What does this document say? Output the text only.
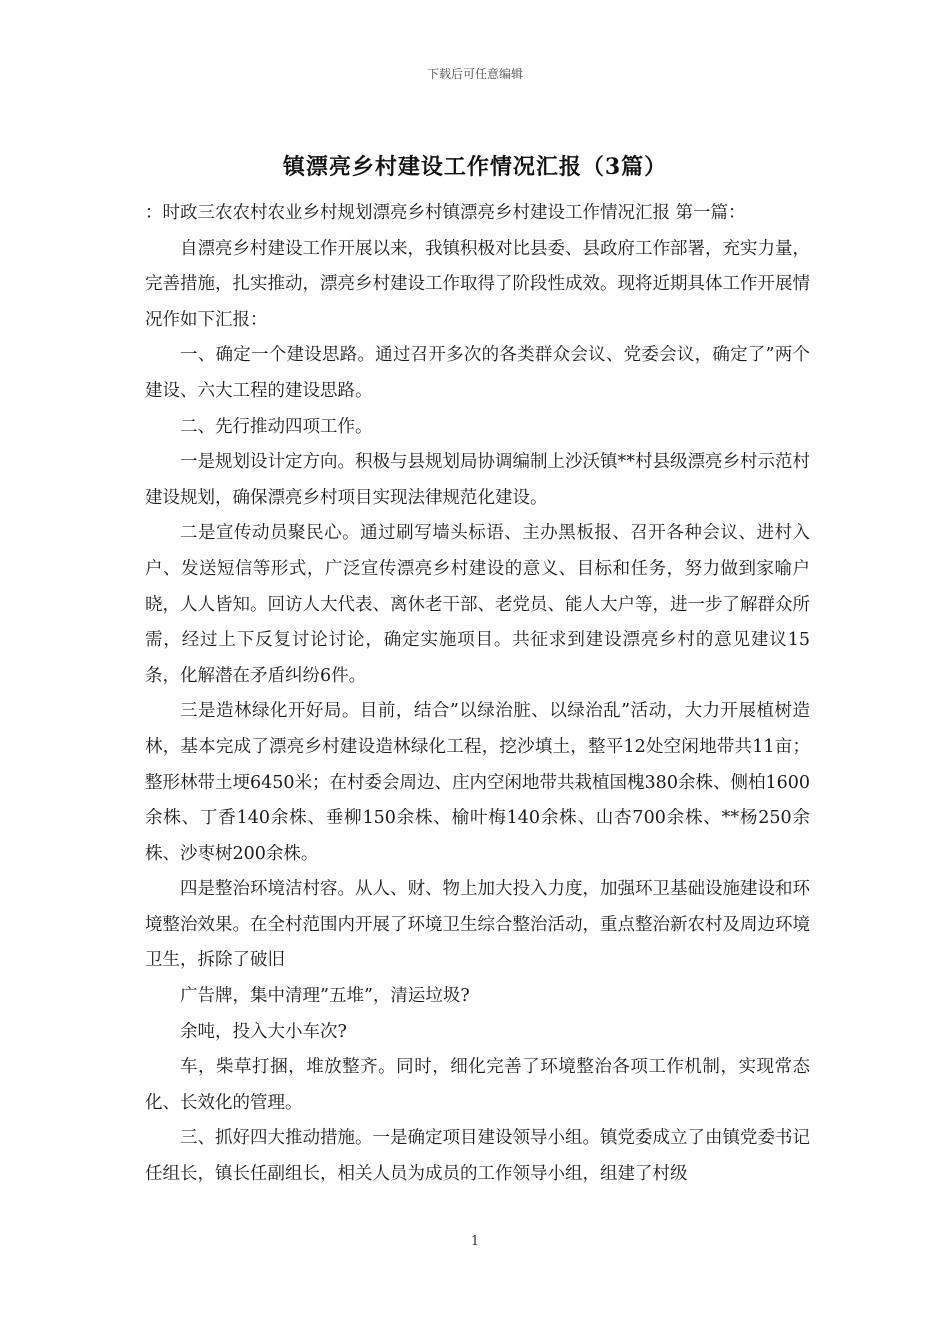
下载后可任意编辑
镇漂亮乡村建设工作情况汇报（3篇）

：时政三农农村农业乡村规划漂亮乡村镇漂亮乡村建设工作情况汇报 第一篇：

自漂亮乡村建设工作开展以来，我镇积极对比县委、县政府工作部署，充实力量，完善措施，扎实推动，漂亮乡村建设工作取得了阶段性成效。现将近期具体工作开展情况作如下汇报：

一、确定一个建设思路。通过召开多次的各类群众会议、党委会议，确定了”两个建设、六大工程的建设思路。

二、先行推动四项工作。

一是规划设计定方向。积极与县规划局协调编制上沙沃镇**村县级漂亮乡村示范村建设规划，确保漂亮乡村项目实现法律规范化建设。

二是宣传动员聚民心。通过刷写墙头标语、主办黑板报、召开各种会议、进村入户、发送短信等形式，广泛宣传漂亮乡村建设的意义、目标和任务，努力做到家喻户晓，人人皆知。回访人大代表、离休老干部、老党员、能人大户等，进一步了解群众所需，经过上下反复讨论讨论，确定实施项目。共征求到建设漂亮乡村的意见建议15条，化解潜在矛盾纠纷6件。

三是造林绿化开好局。目前，结合”以绿治脏、以绿治乱”活动，大力开展植树造林，基本完成了漂亮乡村建设造林绿化工程，挖沙填土，整平12处空闲地带共11亩；整形林带土埂6450米；在村委会周边、庄内空闲地带共栽植国槐380余株、侧柏1600余株、丁香140余株、垂柳150余株、榆叶梅140余株、山杏700余株、**杨250余株、沙枣树200余株。

四是整治环境洁村容。从人、财、物上加大投入力度，加强环卫基础设施建设和环境整治效果。在全村范围内开展了环境卫生综合整治活动，重点整治新农村及周边环境卫生，拆除了破旧

广告牌，集中清理”五堆”，清运垃圾?

余吨，投入大小车次?

车，柴草打捆，堆放整齐。同时，细化完善了环境整治各项工作机制，实现常态化、长效化的管理。

三、抓好四大推动措施。一是确定项目建设领导小组。镇党委成立了由镇党委书记任组长，镇长任副组长，相关人员为成员的工作领导小组，组建了村级

1
